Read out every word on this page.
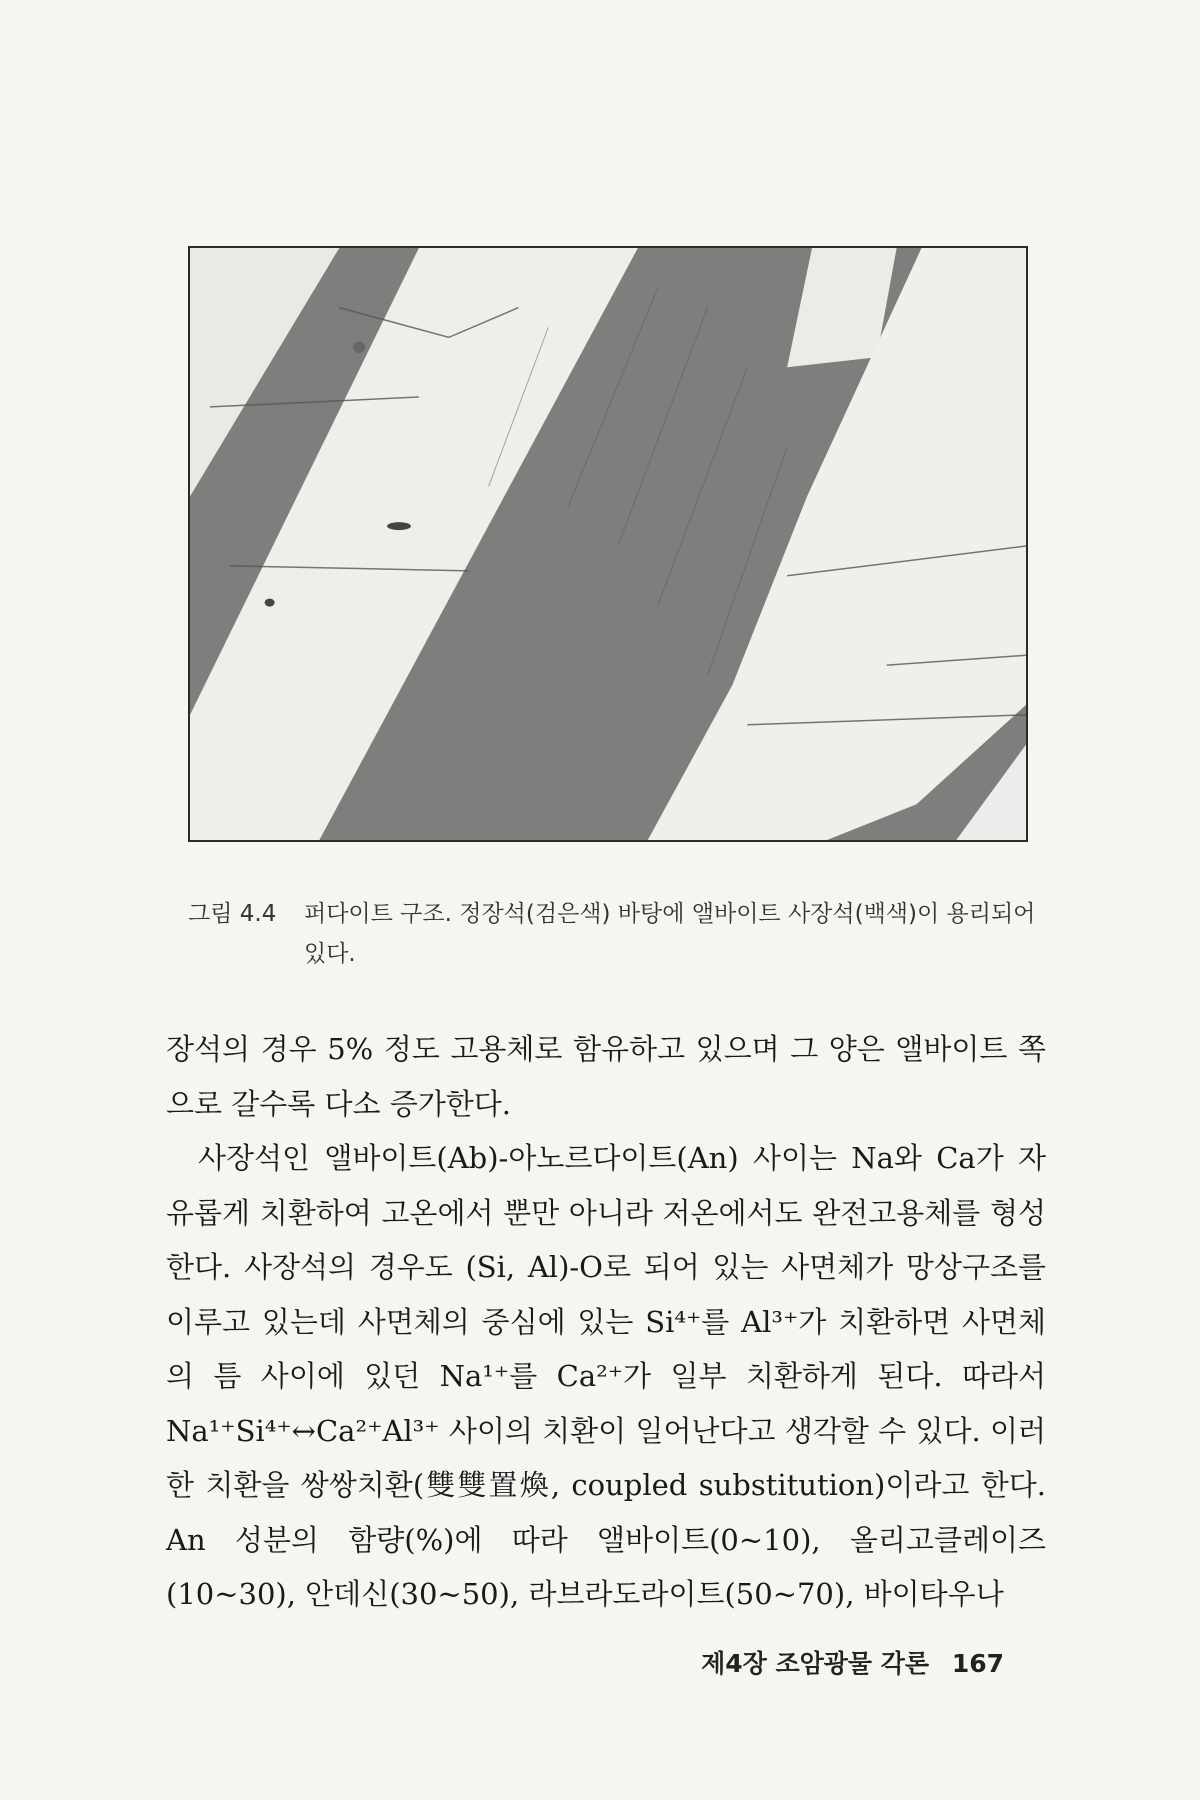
그림 4.4 퍼다이트 구조. 정장석(검은색) 바탕에 앨바이트 사장석(백색)이 용리되어 있다.

장석의 경우 5% 정도 고용체로 함유하고 있으며 그 양은 앨바이트 쪽으로 갈수록 다소 증가한다.

사장석인 앨바이트(Ab)-아노르다이트(An) 사이는 Na와 Ca가 자유롭게 치환하여 고온에서 뿐만 아니라 저온에서도 완전고용체를 형성한다. 사장석의 경우도 (Si, Al)-O로 되어 있는 사면체가 망상구조를 이루고 있는데 사면체의 중심에 있는 Si⁴⁺를 Al³⁺가 치환하면 사면체의 틈 사이에 있던 Na¹⁺를 Ca²⁺가 일부 치환하게 된다. 따라서 Na¹⁺Si⁴⁺↔Ca²⁺Al³⁺ 사이의 치환이 일어난다고 생각할 수 있다. 이러한 치환을 쌍쌍치환(雙雙置煥, coupled substitution)이라고 한다. An 성분의 함량(%)에 따라 앨바이트(0~10), 올리고클레이즈(10~30), 안데신(30~50), 라브라도라이트(50~70), 바이타우나

제4장 조암광물 각론 167
